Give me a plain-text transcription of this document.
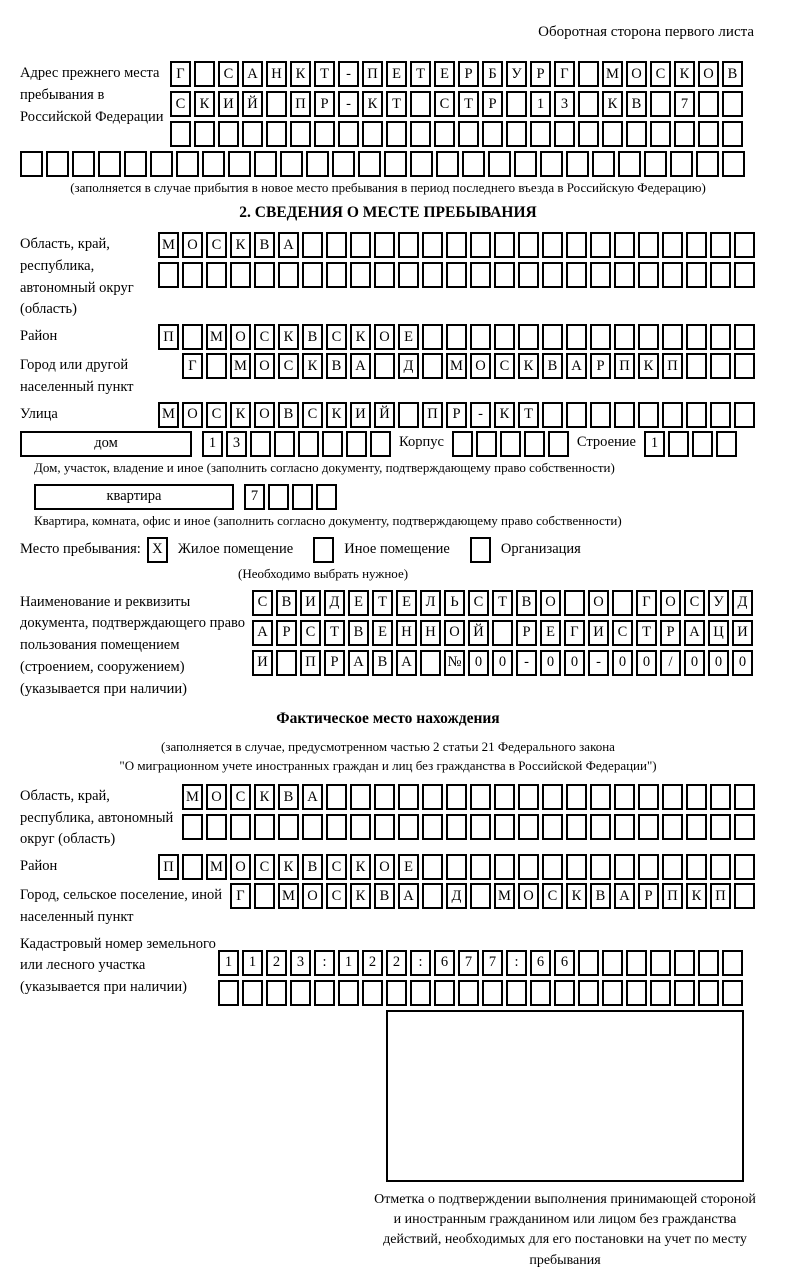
Оборотная сторона первого листа
Адрес прежнего места пребывания в Российской Федерации
Г	С А Н К	Т	-	П Е	Т	Е	Р	Б	У	Р	Г	М О С К О В
С К И Й	П	Р	-	К	Т	С	Т	Р	1	3	К В	7
(заполняется в случае прибытия в новое место пребывания в период последнего въезда в Российскую Федерацию)
2. СВЕДЕНИЯ О МЕСТЕ ПРЕБЫВАНИЯ
Область, край, республика, автономный округ (область)
М О С К В А
Район	П	М О С К В С К О Е
Город или другой населенный пункт
Г	М О С К В А	Д	М О С К В А	Р	П К П
Улица	М О С К О В С К И Й	П	Р	-	К	Т
дом	1	3	Корпус	Строение	1
Дом, участок, владение и иное (заполнить согласно документу, подтверждающему право собственности)
квартира	7
Квартира, комната, офис и иное (заполнить согласно документу, подтверждающему право собственности)
Место пребывания: X	Жилое помещение	Иное помещение	Организация
(Необходимо выбрать нужное)
Наименование и реквизиты документа, подтверждающего право пользования помещением (строением, сооружением) (указывается при наличии)
С В И Д	Е	Т	Е	Л	Ь	С	Т	В О	О	Г	О С У Д
А	Р	С	Т	В	Е Н Н О Й	Р	Е	Г	И С	Т	Р	А Ц И
И	П	Р	А В А	№ 0	0	-	0	0	-	0	0	/	0	0	0
Фактическое место нахождения
(заполняется в случае, предусмотренном частью 2 статьи 21 Федерального закона
"О миграционном учете иностранных граждан и лиц без гражданства в Российской Федерации")
Область, край, республика, автономный округ (область)
М О С К В А
Район	П	М О С К В С К О Е
Город, сельское поселение, иной населенный пункт
Г	М О С К В А	Д	М О С К В А	Р	П К П
Кадастровый номер земельного или лесного участка (указывается при наличии)
1	1	2	3	:	1	2	2	:	6	7	7	:	6	6
Отметка о подтверждении выполнения принимающей стороной и иностранным гражданином или лицом без гражданства действий, необходимых для его постановки на учет по месту пребывания
